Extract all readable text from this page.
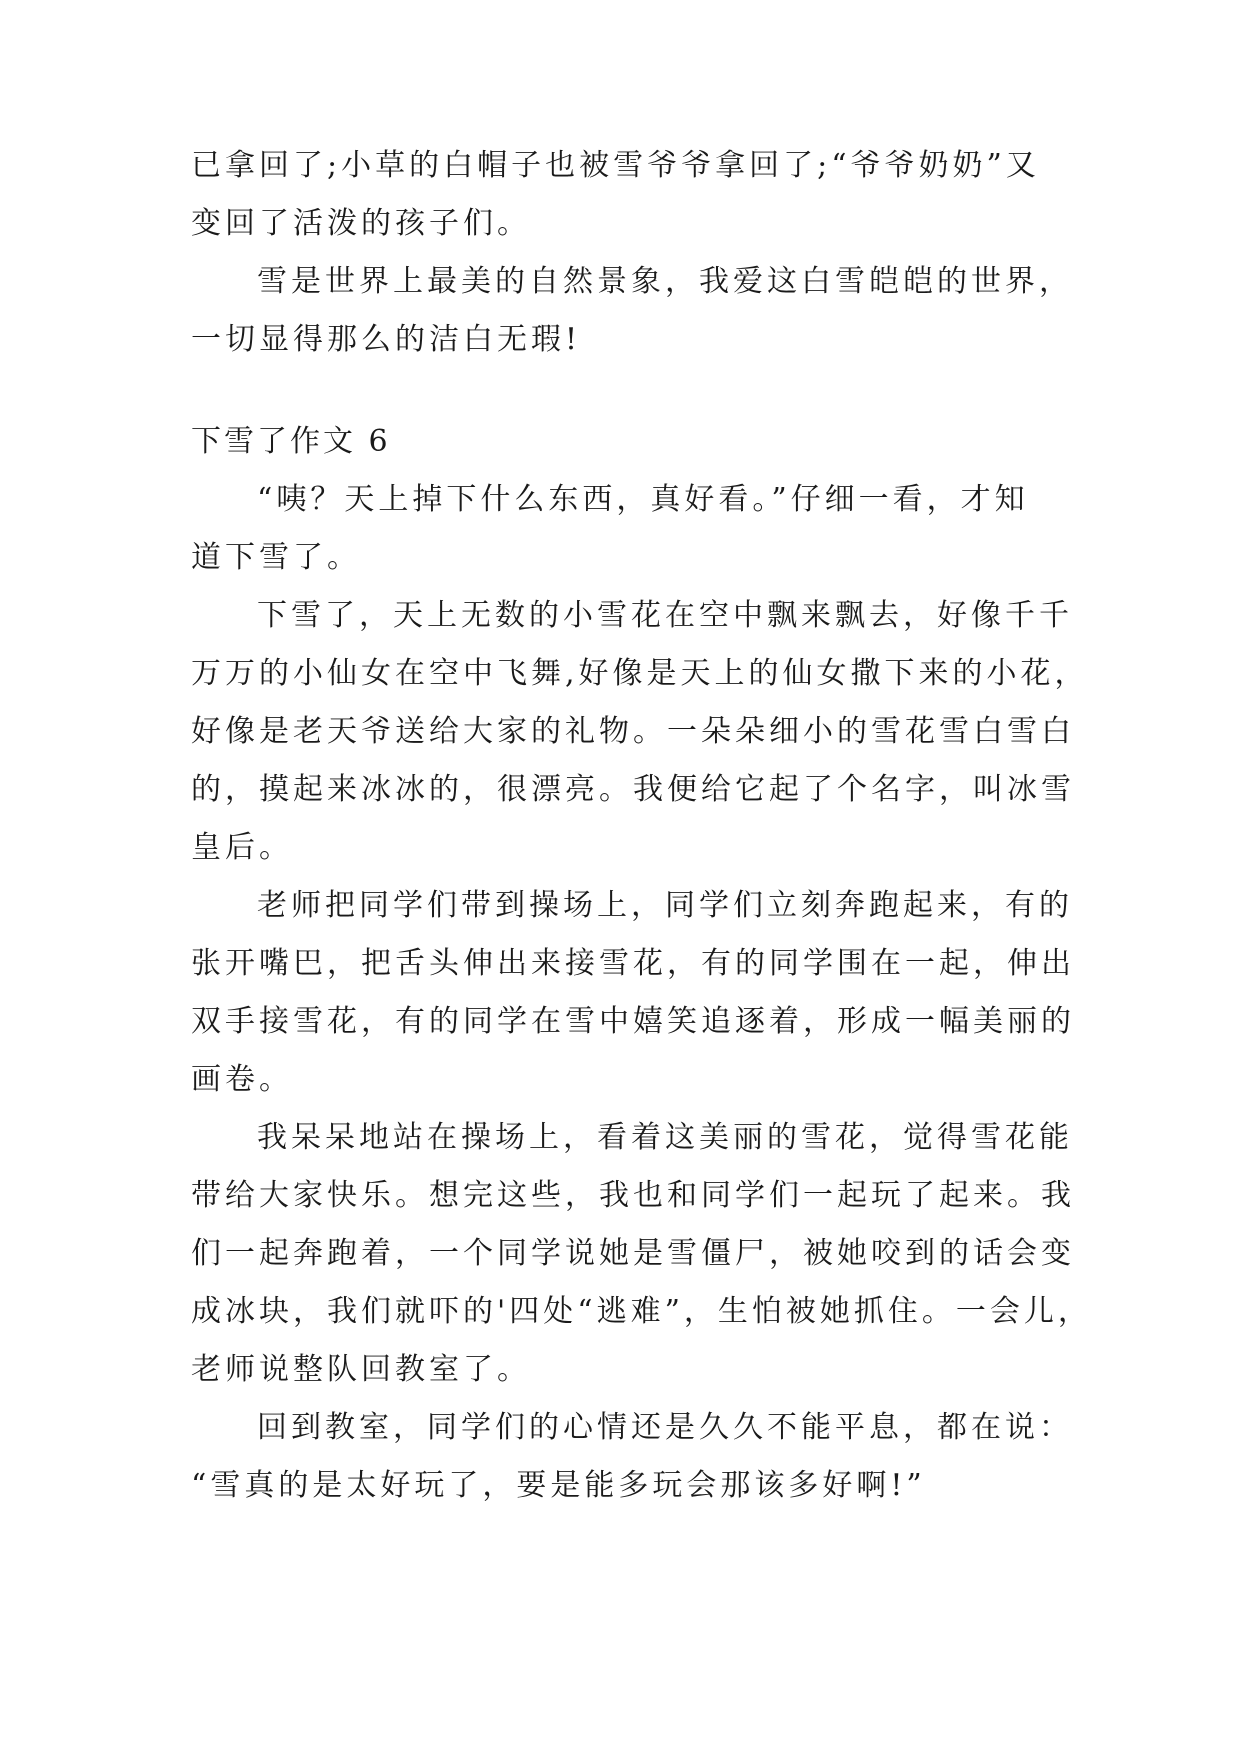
已拿回了;小草的白帽子也被雪爷爷拿回了;“爷爷奶奶”又
变回了活泼的孩子们。
雪是世界上最美的自然景象，我爱这白雪皑皑的世界，
一切显得那么的洁白无瑕!
下雪了作文 6
“咦？天上掉下什么东西，真好看。”仔细一看，才知
道下雪了。
下雪了，天上无数的小雪花在空中飘来飘去，好像千千
万万的小仙女在空中飞舞,好像是天上的仙女撒下来的小花，
好像是老天爷送给大家的礼物。一朵朵细小的雪花雪白雪白
的，摸起来冰冰的，很漂亮。我便给它起了个名字，叫冰雪
皇后。
老师把同学们带到操场上，同学们立刻奔跑起来，有的
张开嘴巴，把舌头伸出来接雪花，有的同学围在一起，伸出
双手接雪花，有的同学在雪中嬉笑追逐着，形成一幅美丽的
画卷。
我呆呆地站在操场上，看着这美丽的雪花，觉得雪花能
带给大家快乐。想完这些，我也和同学们一起玩了起来。我
们一起奔跑着，一个同学说她是雪僵尸，被她咬到的话会变
成冰块，我们就吓的'四处“逃难”，生怕被她抓住。一会儿，
老师说整队回教室了。
回到教室，同学们的心情还是久久不能平息，都在说：
“雪真的是太好玩了，要是能多玩会那该多好啊!”
